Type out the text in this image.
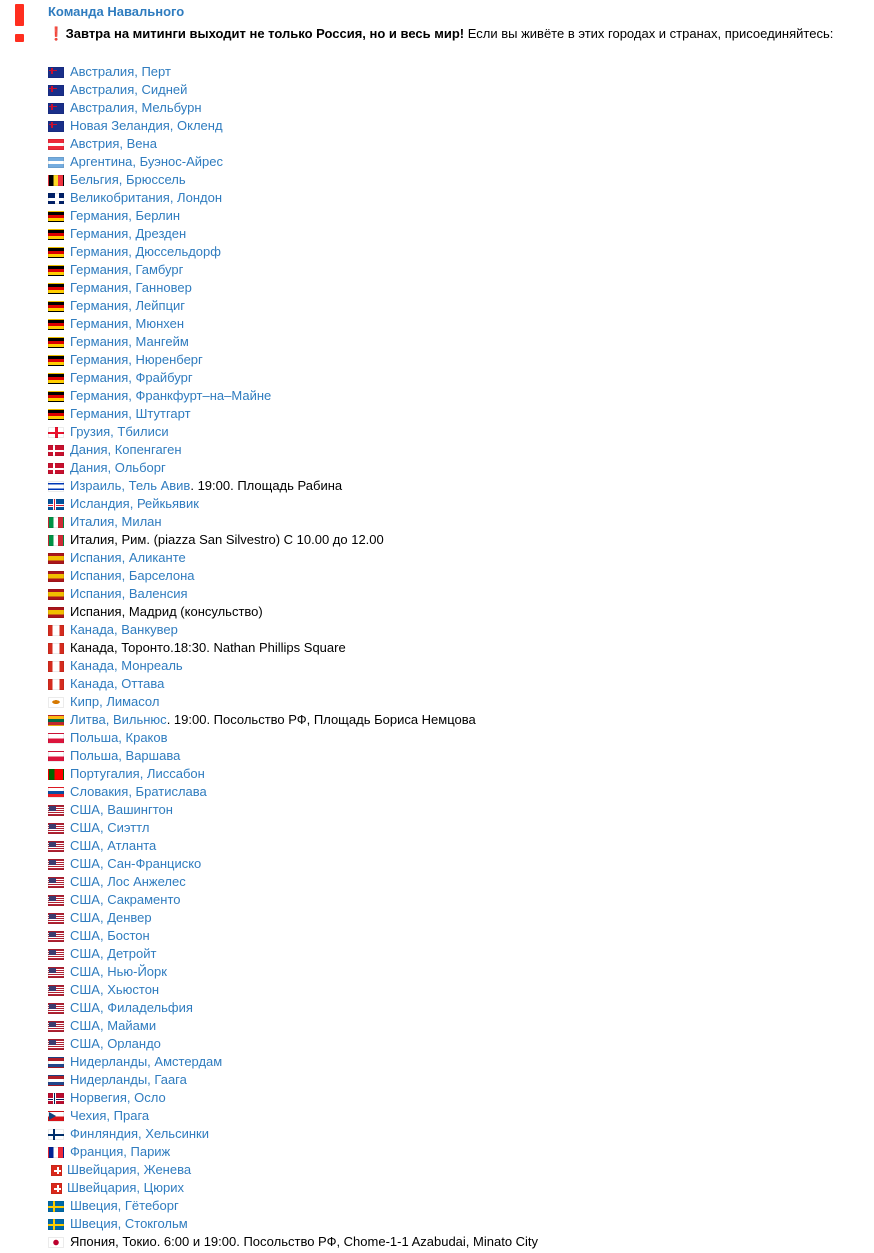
Команда Навального
❗ Завтра на митинги выходит не только Россия, но и весь мир! Если вы живёте в этих городах и странах, присоединяйтесь:
Австралия, Перт
Австралия, Сидней
Австралия, Мельбурн
Новая Зеландия, Окленд
Австрия, Вена
Аргентина, Буэнос-Айрес
Бельгия, Брюссель
Великобритания, Лондон
Германия, Берлин
Германия, Дрезден
Германия, Дюссельдорф
Германия, Гамбург
Германия, Ганновер
Германия, Лейпциг
Германия, Мюнхен
Германия, Мангейм
Германия, Нюренберг
Германия, Фрайбург
Германия, Франкфурт–на–Майне
Германия, Штутгарт
Грузия, Тбилиси
Дания, Копенгаген
Дания, Ольборг
Израиль, Тель Авив . 19:00. Площадь Рабина
Исландия, Рейкьявик
Италия, Милан
Италия, Рим. (piazza San Silvestro) С 10.00 до 12.00
Испания, Аликанте
Испания, Барселона
Испания, Валенсия
Испания, Мадрид (консульство)
Канада, Ванкувер
Канада, Торонто.18:30. Nathan Phillips Square
Канада, Монреаль
Канада, Оттава
Кипр, Лимасол
Литва, Вильнюс . 19:00. Посольство РФ, Площадь Бориса Немцова
Польша, Краков
Польша, Варшава
Португалия, Лиссабон
Словакия, Братислава
США, Вашингтон
США, Сиэттл
США, Атланта
США, Сан-Франциско
США, Лос Анжелес
США, Сакраменто
США, Денвер
США, Бостон
США, Детройт
США, Нью-Йорк
США, Хьюстон
США, Филадельфия
США, Майами
США, Орландо
Нидерланды, Амстердам
Нидерланды, Гаага
Норвегия, Осло
Чехия, Прага
Финляндия, Хельсинки
Франция, Париж
Швейцария, Женева
Швейцария, Цюрих
Швеция, Гётеборг
Швеция, Стокгольм
Япония, Токио. 6:00 и 19:00. Посольство РФ, Chome-1-1 Azabudai, Minato City
